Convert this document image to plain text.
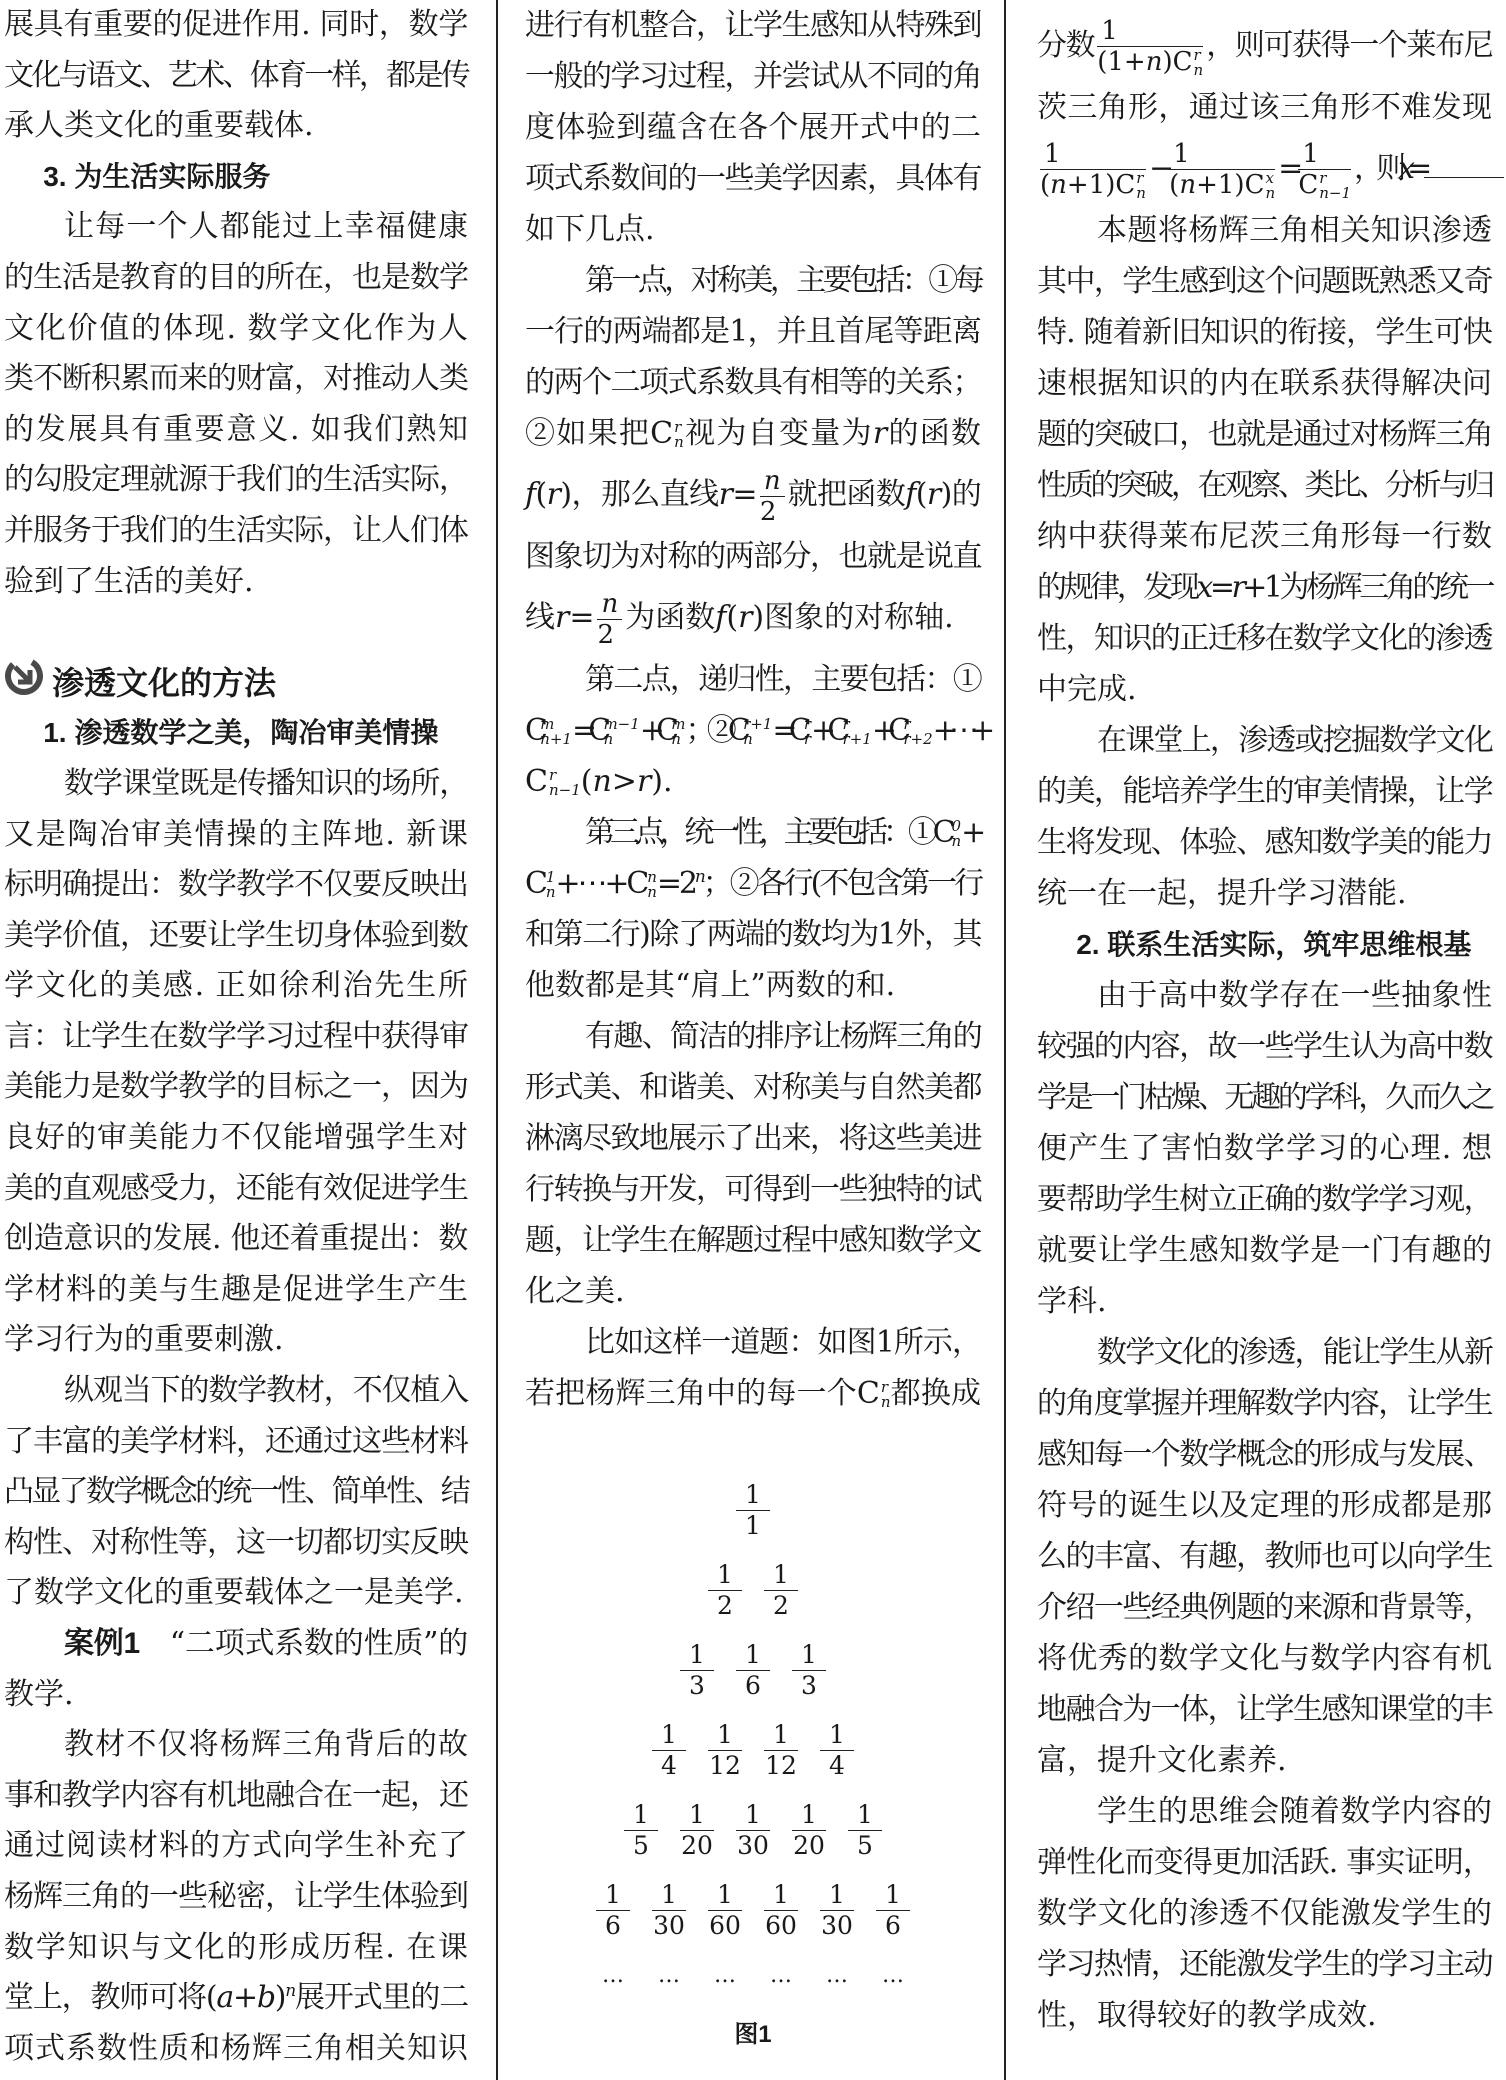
展具有重要的促进作用. 同时，数学
文化与语文、艺术、体育一样，都是传
承人类文化的重要载体.
3. 为生活实际服务
让每一个人都能过上幸福健康
的生活是教育的目的所在，也是数学
文化价值的体现. 数学文化作为人
类不断积累而来的财富，对推动人类
的发展具有重要意义. 如我们熟知
的勾股定理就源于我们的生活实际，
并服务于我们的生活实际，让人们体
验到了生活的美好.
渗透文化的方法
1. 渗透数学之美，陶冶审美情操
数学课堂既是传播知识的场所，
又是陶冶审美情操的主阵地. 新课
标明确提出：数学教学不仅要反映出
美学价值，还要让学生切身体验到数
学文化的美感. 正如徐利治先生所
言：让学生在数学学习过程中获得审
美能力是数学教学的目标之一，因为
良好的审美能力不仅能增强学生对
美的直观感受力，还能有效促进学生
创造意识的发展. 他还着重提出：数
学材料的美与生趣是促进学生产生
学习行为的重要刺激.
纵观当下的数学教材，不仅植入
了丰富的美学材料，还通过这些材料
凸显了数学概念的统一性、简单性、结
构性、对称性等，这一切都切实反映
了数学文化的重要载体之一是美学.
案例1　“二项式系数的性质”的
教学.
教材不仅将杨辉三角背后的故
事和教学内容有机地融合在一起，还
通过阅读材料的方式向学生补充了
杨辉三角的一些秘密，让学生体验到
数学知识与文化的形成历程. 在课
堂上，教师可将$(a+b)^n$展开式里的二
项式系数性质和杨辉三角相关知识
进行有机整合，让学生感知从特殊到
一般的学习过程，并尝试从不同的角
度体验到蕴含在各个展开式中的二
项式系数间的一些美学因素，具体有
如下几点.
第一点，对称美，主要包括：①每
一行的两端都是1，并且首尾等距离
的两个二项式系数具有相等的关系；
②如果把C r
n 视为自变量为r的函数
f(r)，那么直线$r= \frac{n}{2}$ 就把函数f(r)的
图象切为对称的两部分，也就是说直
线$r= \frac{n}{2}$ 为函数f(r)图象的对称轴.
第二点，递归性，主要包括：①
C m
n+1 =C m−1
n +C m
n ；②C r+1
n =C r
r +C r
r+1 +C r
r+2 +⋯+
C r
n−1 (n>r).
第三点，统一性，主要包括：①C 0
n +
C 1
n +⋯+C n
$n =2^n$；②各行(不包含第一行
和第二行)除了两端的数均为1外，其
他数都是其“肩上”两数的和.
有趣、简洁的排序让杨辉三角的
形式美、和谐美、对称美与自然美都
淋漓尽致地展示了出来，将这些美进
行转换与开发，可得到一些独特的试
题，让学生在解题过程中感知数学文
化之美.
比如这样一道题：如图1所示，
若把杨辉三角中的每一个C r
n 都换成
分数 1
(1+n)C r
n ，则可获得一个莱布尼
茨三角形，通过该三角形不难发现
1
(n+1)C r
n − 1
(n+1)C x
n = 1
C r
n−1 ，则x=	.
本题将杨辉三角相关知识渗透
其中，学生感到这个问题既熟悉又奇
特. 随着新旧知识的衔接，学生可快
速根据知识的内在联系获得解决问
题的突破口，也就是通过对杨辉三角
性质的突破，在观察、类比、分析与归
纳中获得莱布尼茨三角形每一行数
的规律，发现x=r+1为杨辉三角的统一
性，知识的正迁移在数学文化的渗透
中完成.
在课堂上，渗透或挖掘数学文化
的美，能培养学生的审美情操，让学
生将发现、体验、感知数学美的能力
统一在一起，提升学习潜能.
2. 联系生活实际，筑牢思维根基
由于高中数学存在一些抽象性
较强的内容，故一些学生认为高中数
学是一门枯燥、无趣的学科，久而久之
便产生了害怕数学学习的心理. 想
要帮助学生树立正确的数学学习观，
就要让学生感知数学是一门有趣的
学科.
数学文化的渗透，能让学生从新
的角度掌握并理解数学内容，让学生
感知每一个数学概念的形成与发展、
符号的诞生以及定理的形成都是那
么的丰富、有趣，教师也可以向学生
介绍一些经典例题的来源和背景等，
将优秀的数学文化与数学内容有机
地融合为一体，让学生感知课堂的丰
富，提升文化素养.
学生的思维会随着数学内容的
弹性化而变得更加活跃. 事实证明，
数学文化的渗透不仅能激发学生的
学习热情，还能激发学生的学习主动
性，取得较好的教学成效.
$\frac{1}{1}$
$\frac{1}{2} \frac{1}{2}$
$\frac{1}{3} \frac{1}{6} \frac{1}{3}$
$\frac{1}{4} \frac{1}{12} \frac{1}{12} \frac{1}{4}$
$\frac{1}{5} \frac{1}{20} \frac{1}{30} \frac{1}{20} \frac{1}{5}$
$\frac{1}{6} \frac{1}{30} \frac{1}{60} \frac{1}{60} \frac{1}{30} \frac{1}{6}$
… … … … … …
图1
